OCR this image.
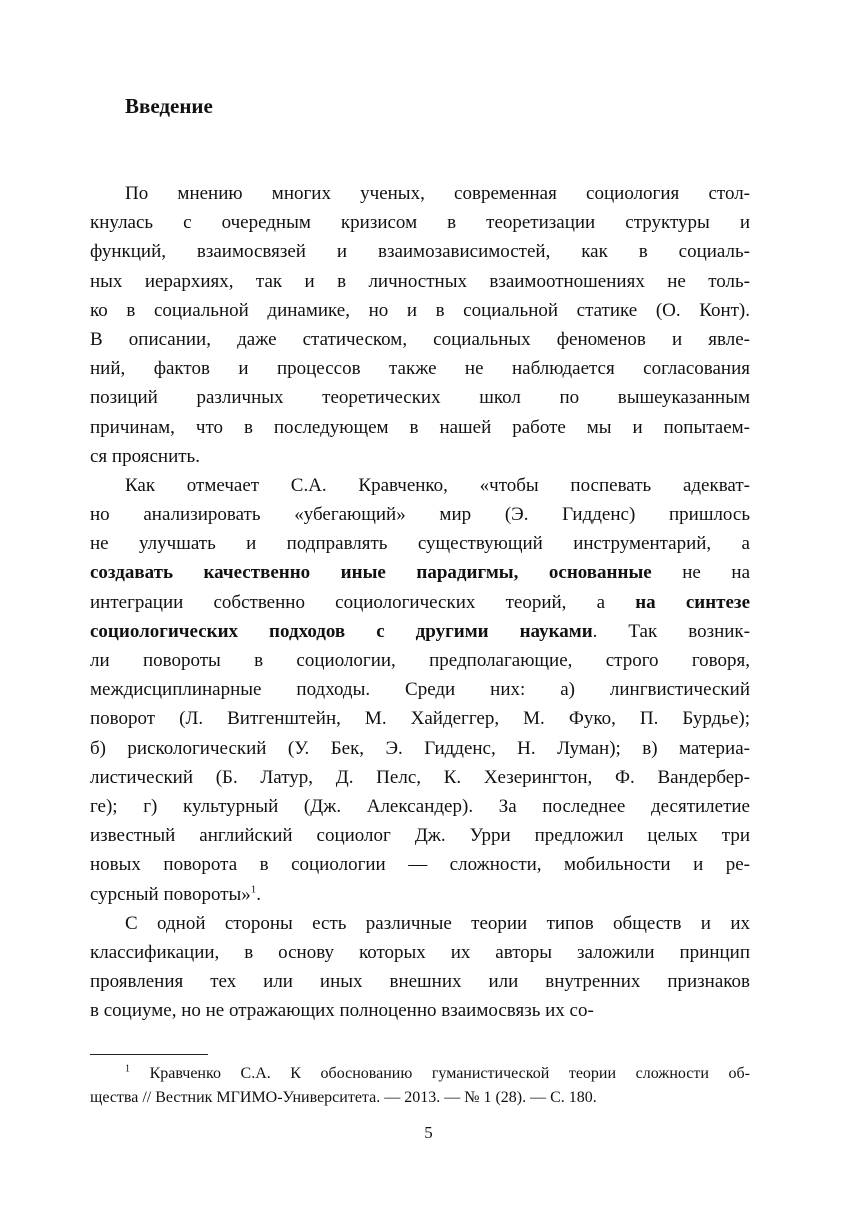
Введение
По мнению многих ученых, современная социология стол-
кнулась с очередным кризисом в теоретизации структуры и
функций, взаимосвязей и взаимозависимостей, как в социаль-
ных иерархиях, так и в личностных взаимоотношениях не толь-
ко в социальной динамике, но и в социальной статике (О. Конт).
В описании, даже статическом, социальных феноменов и явле-
ний, фактов и процессов также не наблюдается согласования
позиций различных теоретических школ по вышеуказанным
причинам, что в последующем в нашей работе мы и попытаем-
ся прояснить.
Как отмечает С.А. Кравченко, «чтобы поспевать адекват-
но анализировать «убегающий» мир (Э. Гидденс) пришлось
не улучшать и подправлять существующий инструментарий, а
создавать качественно иные парадигмы, основанные не на
интеграции собственно социологических теорий, а на синтезе
социологических подходов с другими науками. Так возник-
ли повороты в социологии, предполагающие, строго говоря,
междисциплинарные подходы. Среди них: а) лингвистический
поворот (Л. Витгенштейн, М. Хайдеггер, М. Фуко, П. Бурдье);
б) рискологический (У. Бек, Э. Гидденс, Н. Луман); в) материа-
листический (Б. Латур, Д. Пелс, К. Хезерингтон, Ф. Вандербер-
ге); г) культурный (Дж. Александер). За последнее десятилетие
известный английский социолог Дж. Урри предложил целых три
новых поворота в социологии — сложности, мобильности и ре-
сурсный повороты»$^1$.
С одной стороны есть различные теории типов обществ и их
классификации, в основу которых их авторы заложили принцип
проявления тех или иных внешних или внутренних признаков
в социуме, но не отражающих полноценно взаимосвязь их со-
$^1$ Кравченко С.А. К обоснованию гуманистической теории сложности об-
щества // Вестник МГИМО-Университета. — 2013. — № 1 (28). — С. 180.
5
